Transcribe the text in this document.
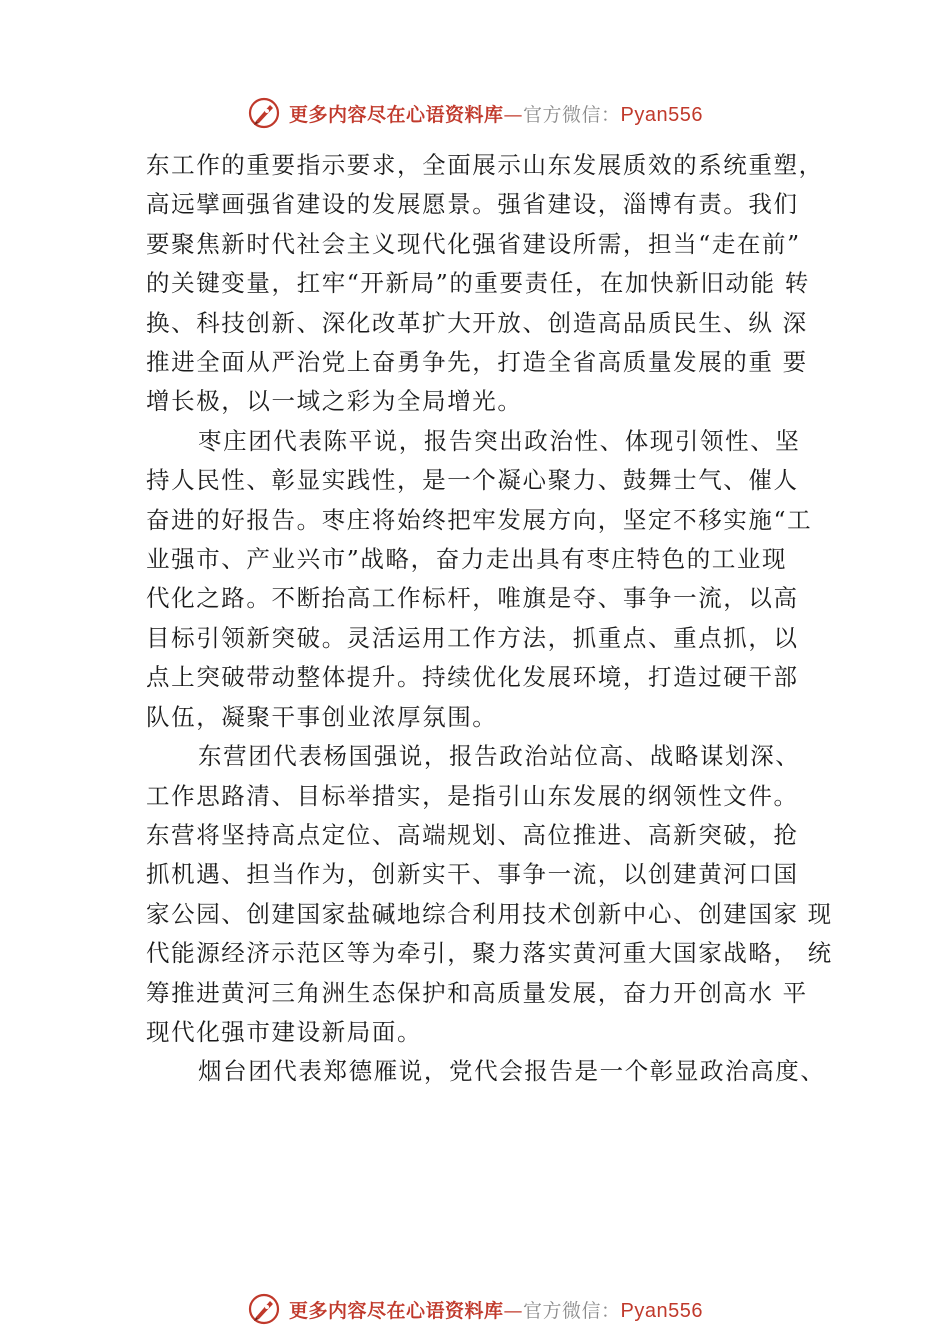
更多内容尽在心语资料库—官方微信：Pyan556

东工作的重要指示要求，全面展示山东发展质效的系统重塑，

高远擘画强省建设的发展愿景。强省建设，淄博有责。我们

要聚焦新时代社会主义现代化强省建设所需，担当“走在前”

的关键变量，扛牢“开新局”的重要责任，在加快新旧动能 转

换、科技创新、深化改革扩大开放、创造高品质民生、纵 深

推进全面从严治党上奋勇争先，打造全省高质量发展的重 要

增长极，以一域之彩为全局增光。

枣庄团代表陈平说，报告突出政治性、体现引领性、坚

持人民性、彰显实践性，是一个凝心聚力、鼓舞士气、催人

奋进的好报告。枣庄将始终把牢发展方向，坚定不移实施“工

业强市、产业兴市”战略，奋力走出具有枣庄特色的工业现

代化之路。不断抬高工作标杆，唯旗是夺、事争一流，以高

目标引领新突破。灵活运用工作方法，抓重点、重点抓，以

点上突破带动整体提升。持续优化发展环境，打造过硬干部

队伍，凝聚干事创业浓厚氛围。

东营团代表杨国强说，报告政治站位高、战略谋划深、

工作思路清、目标举措实，是指引山东发展的纲领性文件。

东营将坚持高点定位、高端规划、高位推进、高新突破，抢

抓机遇、担当作为，创新实干、事争一流，以创建黄河口国

家公园、创建国家盐碱地综合利用技术创新中心、创建国家 现

代能源经济示范区等为牵引，聚力落实黄河重大国家战略， 统

筹推进黄河三角洲生态保护和高质量发展，奋力开创高水 平

现代化强市建设新局面。

烟台团代表郑德雁说，党代会报告是一个彰显政治高度、

更多内容尽在心语资料库—官方微信：Pyan556
